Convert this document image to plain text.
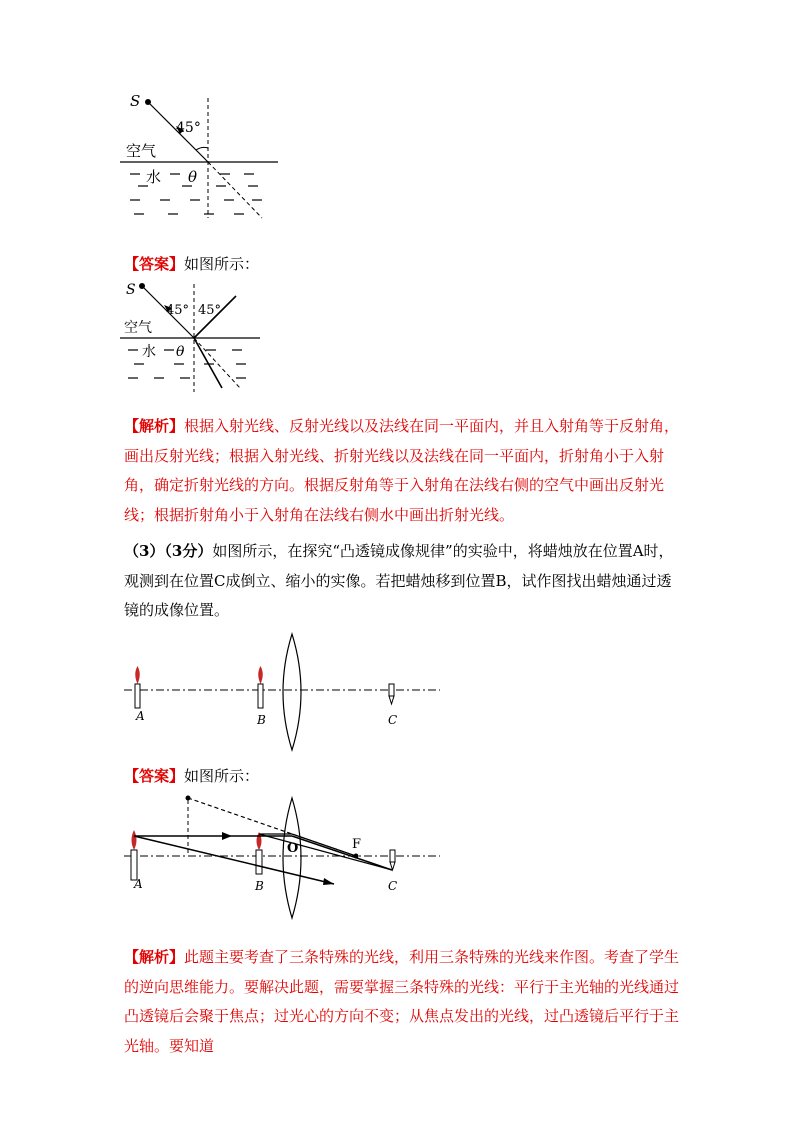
S
45°
空气
水 θ
【答案】如图所示：
S
45° 45°
空气
水 θ
【解析】根据入射光线、反射光线以及法线在同一平面内，并且入射角等于反射角，画出反射光线；根据入射光线、折射光线以及法线在同一平面内，折射角小于入射角，确定折射光线的方向。根据反射角等于入射角在法线右侧的空气中画出反射光线；根据折射角小于入射角在法线右侧水中画出折射光线。
（3）（3分）如图所示，在探究“凸透镜成像规律”的实验中，将蜡烛放在位置A时，观测到在位置C成倒立、缩小的实像。若把蜡烛移到位置B，试作图找出蜡烛通过透镜的成像位置。
A	B	C
【答案】如图所示：
A	B	C
O	F
【解析】此题主要考查了三条特殊的光线，利用三条特殊的光线来作图。考查了学生的逆向思维能力。要解决此题，需要掌握三条特殊的光线：平行于主光轴的光线通过凸透镜后会聚于焦点；过光心的方向不变；从焦点发出的光线，过凸透镜后平行于主光轴。要知道
